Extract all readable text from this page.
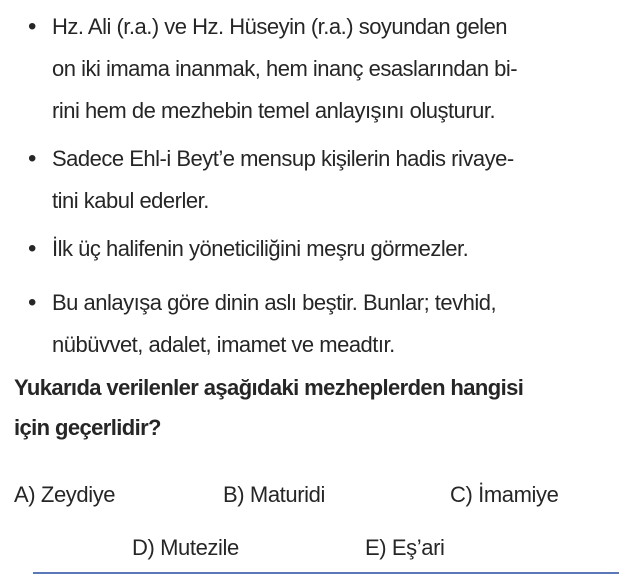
• Hz. Ali (r.a.) ve Hz. Hüseyin (r.a.) soyundan gelen
on iki imama inanmak, hem inanç esaslarından bi-
rini hem de mezhebin temel anlayışını oluşturur.
• Sadece Ehl-i Beyt’e mensup kişilerin hadis rivaye-
tini kabul ederler.
• İlk üç halifenin yöneticiliğini meşru görmezler.
• Bu anlayışa göre dinin aslı beştir. Bunlar; tevhid,
nübüvvet, adalet, imamet ve meadtır.
Yukarıda verilenler aşağıdaki mezheplerden hangisi
için geçerlidir?
A) Zeydiye	B) Maturidi	C) İmamiye
D) Mutezile	E) Eş’ari
